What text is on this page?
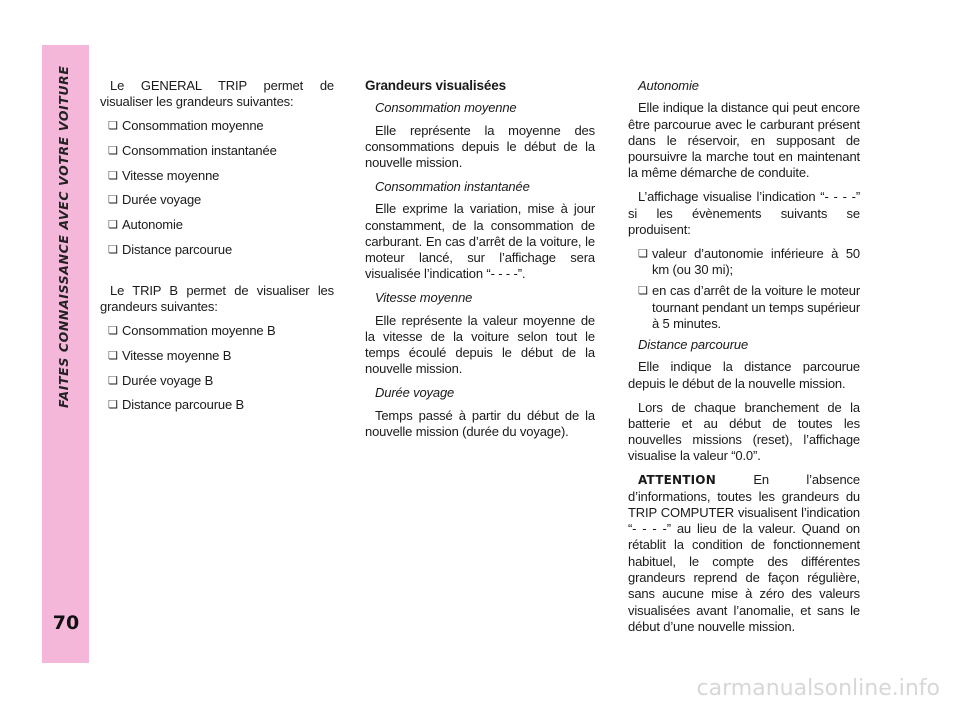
FAITES CONNAISSANCE AVEC VOTRE VOITURE
70

Le GENERAL TRIP permet de visualiser les grandeurs suivantes:

❏ Consommation moyenne
❏ Consommation instantanée
❏ Vitesse moyenne
❏ Durée voyage
❏ Autonomie
❏ Distance parcourue

Le TRIP B permet de visualiser les grandeurs suivantes:

❏ Consommation moyenne B
❏ Vitesse moyenne B
❏ Durée voyage B
❏ Distance parcourue B

Grandeurs visualisées

Consommation moyenne

Elle représente la moyenne des consommations depuis le début de la nouvelle mission.

Consommation instantanée

Elle exprime la variation, mise à jour constamment, de la consommation de carburant. En cas d’arrêt de la voiture, le moteur lancé, sur l’affichage sera visualisée l’indication “- - - -”.

Vitesse moyenne

Elle représente la valeur moyenne de la vitesse de la voiture selon tout le temps écoulé depuis le début de la nouvelle mission.

Durée voyage

Temps passé à partir du début de la nouvelle mission (durée du voyage).

Autonomie

Elle indique la distance qui peut encore être parcourue avec le carburant présent dans le réservoir, en supposant de poursuivre la marche tout en maintenant la même démarche de conduite.

L’affichage visualise l’indication “- - - -” si les évènements suivants se produisent:

❏ valeur d’autonomie inférieure à 50 km (ou 30 mi);
❏ en cas d’arrêt de la voiture le moteur tournant pendant un temps supérieur à 5 minutes.

Distance parcourue

Elle indique la distance parcourue depuis le début de la nouvelle mission.

Lors de chaque branchement de la batterie et au début de toutes les nouvelles missions (reset), l’affichage visualise la valeur “0.0”.

ATTENTION En l’absence d’informations, toutes les grandeurs du TRIP COMPUTER visualisent l’indication “- - - -” au lieu de la valeur. Quand on rétablit la condition de fonctionnement habituel, le compte des différentes grandeurs reprend de façon régulière, sans aucune mise à zéro des valeurs visualisées avant l’anomalie, et sans le début d’une nouvelle mission.

carmanualsonline.info
